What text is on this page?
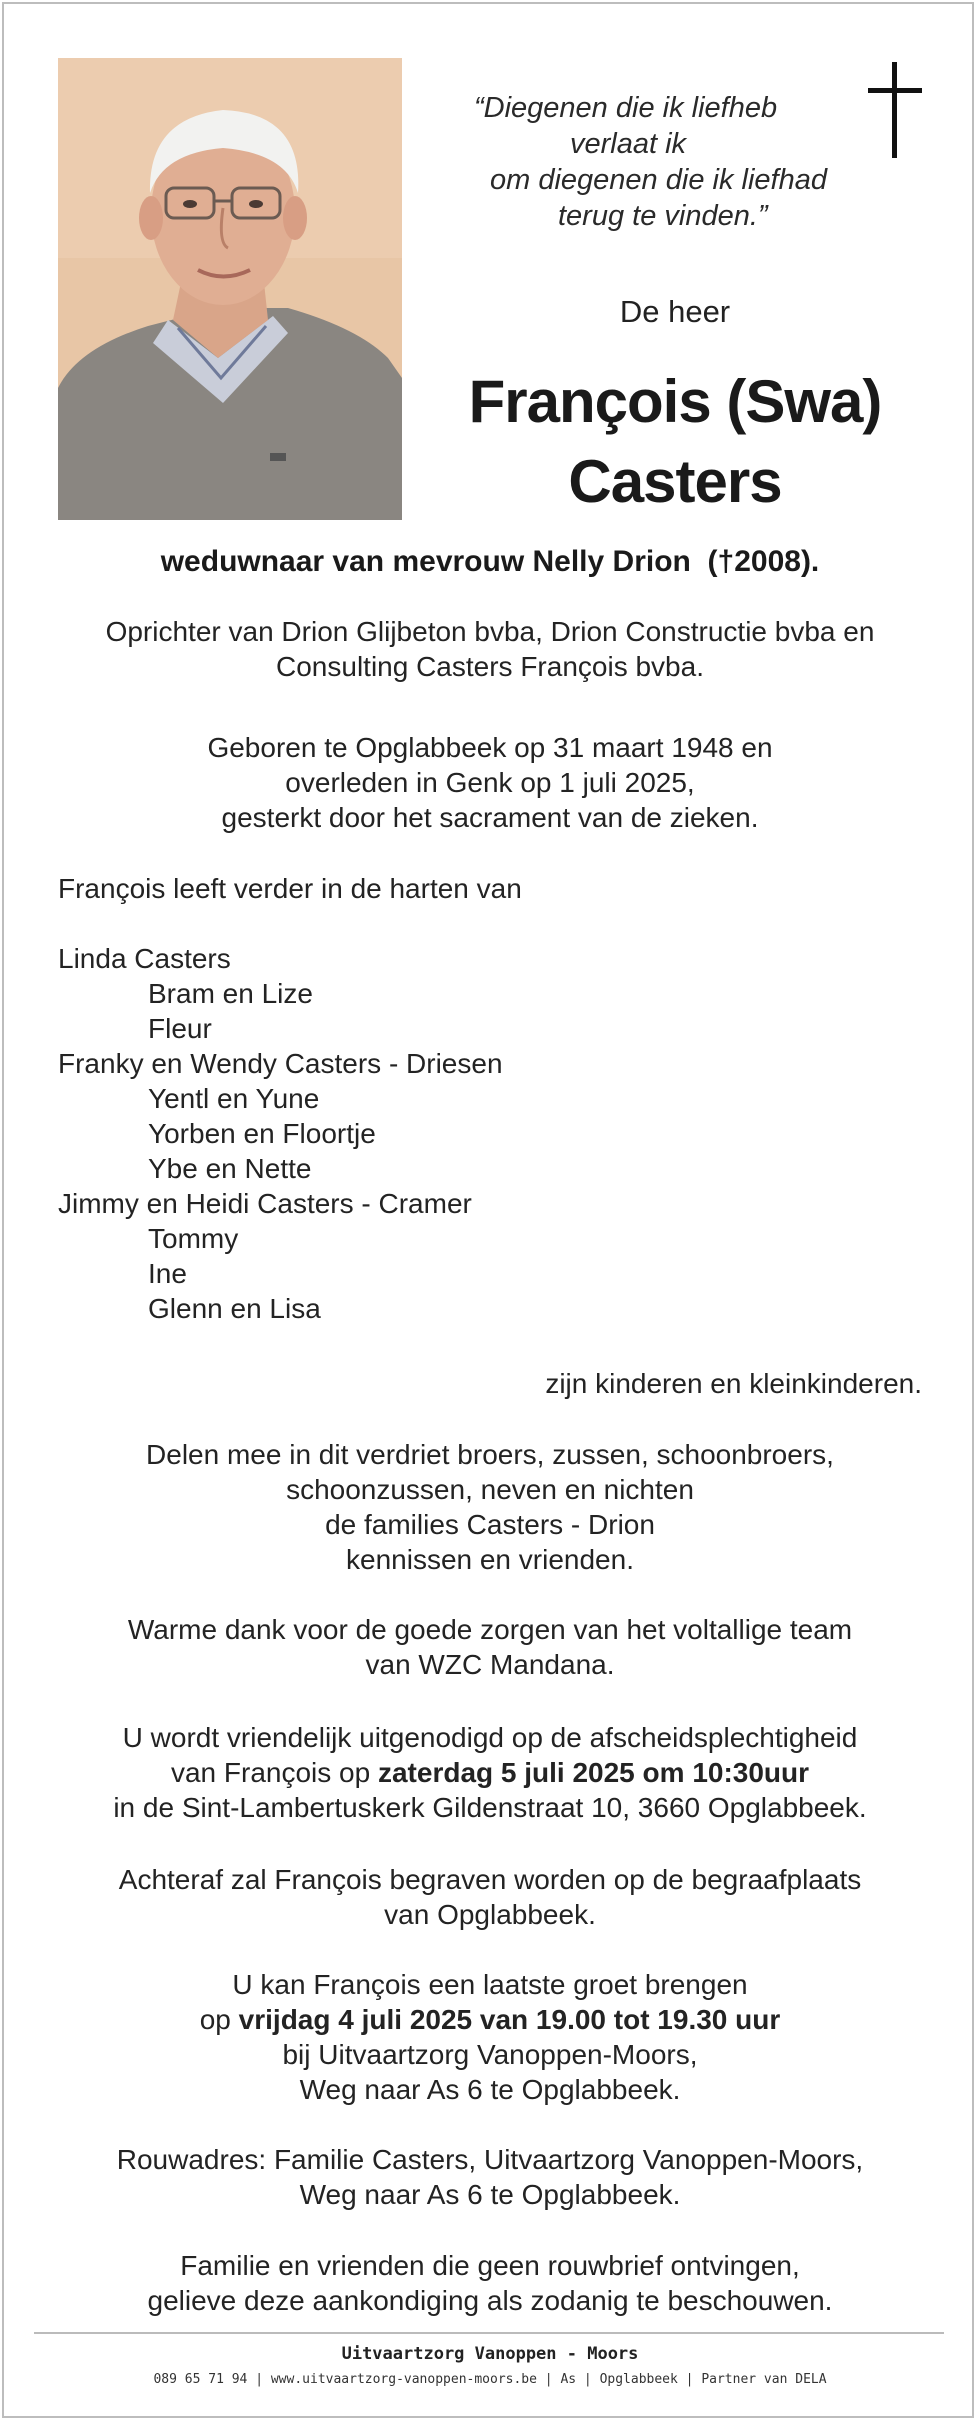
“Diegenen die ik liefheb
verlaat ik
om diegenen die ik liefhad
terug te vinden.”
De heer
François (Swa)
Casters
weduwnaar van mevrouw Nelly Drion  (†2008).
Oprichter van Drion Glijbeton bvba, Drion Constructie bvba en
Consulting Casters François bvba.
Geboren te Opglabbeek op 31 maart 1948 en
overleden in Genk op 1 juli 2025,
gesterkt door het sacrament van de zieken.
François leeft verder in de harten van
Linda Casters
Bram en Lize
Fleur
Franky en Wendy Casters - Driesen
Yentl en Yune
Yorben en Floortje
Ybe en Nette
Jimmy en Heidi Casters - Cramer
Tommy
Ine
Glenn en Lisa
zijn kinderen en kleinkinderen.
Delen mee in dit verdriet broers, zussen, schoonbroers,
schoonzussen, neven en nichten
de families Casters - Drion
kennissen en vrienden.
Warme dank voor de goede zorgen van het voltallige team
van WZC Mandana.
U wordt vriendelijk uitgenodigd op de afscheidsplechtigheid
van François op zaterdag 5 juli 2025 om 10:30uur
in de Sint-Lambertuskerk Gildenstraat 10, 3660 Opglabbeek.
Achteraf zal François begraven worden op de begraafplaats
van Opglabbeek.
U kan François een laatste groet brengen
op vrijdag 4 juli 2025 van 19.00 tot 19.30 uur
bij Uitvaartzorg Vanoppen-Moors,
Weg naar As 6 te Opglabbeek.
Rouwadres: Familie Casters, Uitvaartzorg Vanoppen-Moors,
Weg naar As 6 te Opglabbeek.
Familie en vrienden die geen rouwbrief ontvingen,
gelieve deze aankondiging als zodanig te beschouwen.
Uitvaartzorg Vanoppen - Moors
089 65 71 94 | www.uitvaartzorg-vanoppen-moors.be | As | Opglabbeek | Partner van DELA
